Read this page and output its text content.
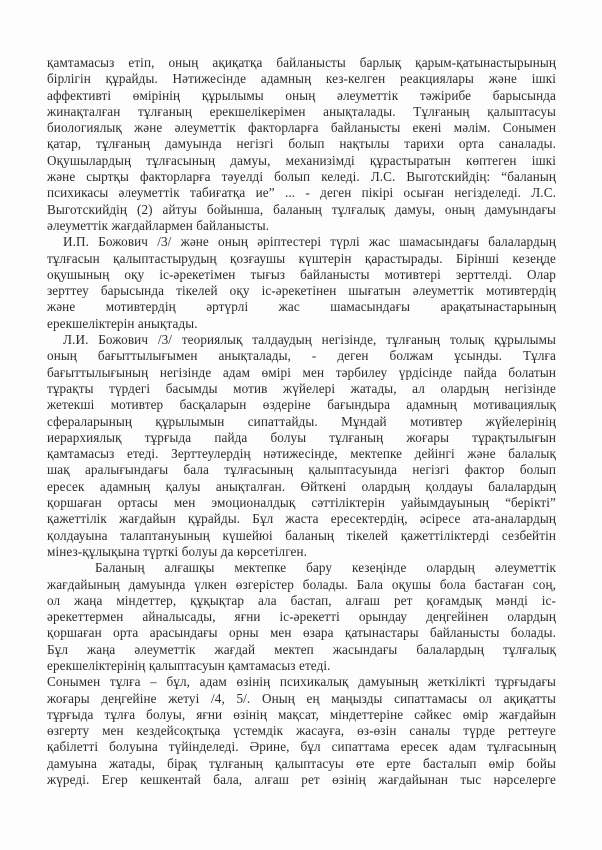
қамтамасыз етіп, оның ақиқатқа байланысты барлық қарым-қатынастырының
бірлігін құрайды. Нәтижесінде адамның кез-келген реакциялары және ішкі
аффективті өмірінің құрылымы оның әлеуметтік тәжірибе барысында
жинақталған тұлғаның ерекшелікерімен анықталады. Тұлғаның қалыптасуы
биологиялық және әлеуметтік факторларға байланысты екені мәлім. Сонымен
қатар, тұлғаның дамуында негізгі болып нақтылы тарихи орта саналады.
Оқушылардың тұлғасының дамуы, механизімді құрастыратын көптеген ішкі
және сыртқы факторларға тәуелді болып келеді. Л.С. Выготскийдің: “баланың
психикасы әлеуметтік табиғатқа ие” ... - деген пікірі осыған негізделеді. Л.С.
Выготскийдің (2) айтуы бойынша, баланың тұлғалық дамуы, оның дамуындағы
әлеуметтік жағдайлармен байланысты.
И.П. Божович /3/ және оның әріптестері түрлі жас шамасындағы балалардың
тұлғасын қалыптастырудың қозғаушы күштерін қарастырады. Бірінші кезеңде
оқушының оқу іс-әрекетімен тығыз байланысты мотивтері зерттелді. Олар
зерттеу барысында тікелей оқу іс-әрекетінен шығатын әлеуметтік мотивтердің
және мотивтердің әртүрлі жас шамасындағы арақатынастарының
ерекшеліктерін анықтады.
Л.И. Божович /3/ теориялық талдаудың негізінде, тұлғаның толық құрылымы
оның бағыттылығымен анықталады, - деген болжам ұсынды. Тұлға
бағыттылығының негізінде адам өмірі мен тәрбилеу үрдісінде пайда болатын
тұрақты түрдегі басымды мотив жүйелері жатады, ал олардың негізінде
жетекші мотивтер басқаларын өздеріне бағындыра адамның мотивациялық
сфераларының құрылымын сипаттайды. Мұндай мотивтер жүйелерінің
иерархиялық тұрғыда пайда болуы тұлғаның жоғары тұрақтылығын
қамтамасыз етеді. Зерттеулердің нәтижесінде, мектепке дейінгі және балалық
шақ аралығындағы бала тұлғасының қалыптасуында негізгі фактор болып
ересек адамның қалуы анықталған. Өйткені олардың қолдауы балалардың
қоршаған ортасы мен эмоционалдық сәттіліктерін уайымдауының “берікті”
қажеттілік жағдайын құрайды. Бұл жаста ересектердің, әсіресе ата-аналардың
қолдауына талаптануының күшейюі баланың тікелей қажеттіліктерді сезбейтін
мінез-құлықына түрткі болуы да көрсетілген.
Баланың алғашқы мектепке бару кезеңінде олардың әлеуметтік
жағдайының дамуында үлкен өзгерістер болады. Бала оқушы бола бастаған соң,
ол жаңа міндеттер, құқықтар ала бастап, алғаш рет қоғамдық мәнді іс-
әрекеттермен айналысады, яғни іс-әрекетті орындау деңгейінен олардың
қоршаған орта арасындағы орны мен өзара қатынастары байланысты болады.
Бұл жаңа әлеуметтік жағдай мектеп жасындағы балалардың тұлғалық
ерекшеліктерінің қалыптасуын қамтамасыз етеді.
Сонымен тұлға – бұл, адам өзінің психикалық дамуының жеткілікті тұрғыдағы
жоғары деңгейіне жетуі /4, 5/. Оның ең маңызды сипаттамасы ол ақиқатты
тұрғыда тұлға болуы, яғни өзінің мақсат, міндеттеріне сәйкес өмір жағдайын
өзгерту мен кездейсоқтықа үстемдік жасауға, өз-өзін саналы түрде реттеуге
қабілетті болуына түйінделеді. Әрине, бұл сипаттама ересек адам тұлғасының
дамуына жатады, бірақ тұлғаның қалыптасуы өте ерте басталып өмір бойы
жүреді. Егер кешкентай бала, алғаш рет өзінің жағдайынан тыс нәрселерге
